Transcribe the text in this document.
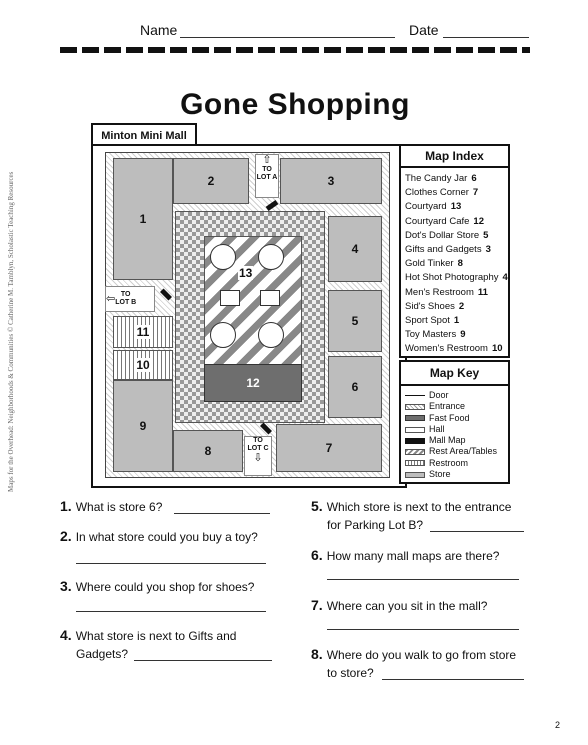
Name	Date
Gone Shopping
Minton Mini Mall
1
2	3
4
5
6
7
8
9
10
11
13
12
⇧
TO
LOT A
⇦ TO
LOT B
TO
LOT C
⇩
Map Index
The Candy Jar 6
Clothes Corner 7
Courtyard 13
Courtyard Cafe 12
Dot's Dollar Store 5
Gifts and Gadgets 3
Gold Tinker 8
Hot Shot Photography 4
Men's Restroom 11
Sid's Shoes 2
Sport Spot 1
Toy Masters 9
Women's Restroom 10
Map Key
Door
Entrance
Fast Food
Hall
Mall Map
Rest Area/Tables
Restroom
Store
1. What is store 6?
2. In what store could you buy a toy?
3. Where could you shop for shoes?
4. What store is next to Gifts and
Gadgets?
5. Which store is next to the entrance
for Parking Lot B?
6. How many mall maps are there?
7. Where can you sit in the mall?
8. Where do you walk to go from store
to store?
Maps for the Overhead: Neighborhoods & Communities © Catherine M. Tamblyn, Scholastic Teaching Resources
2
